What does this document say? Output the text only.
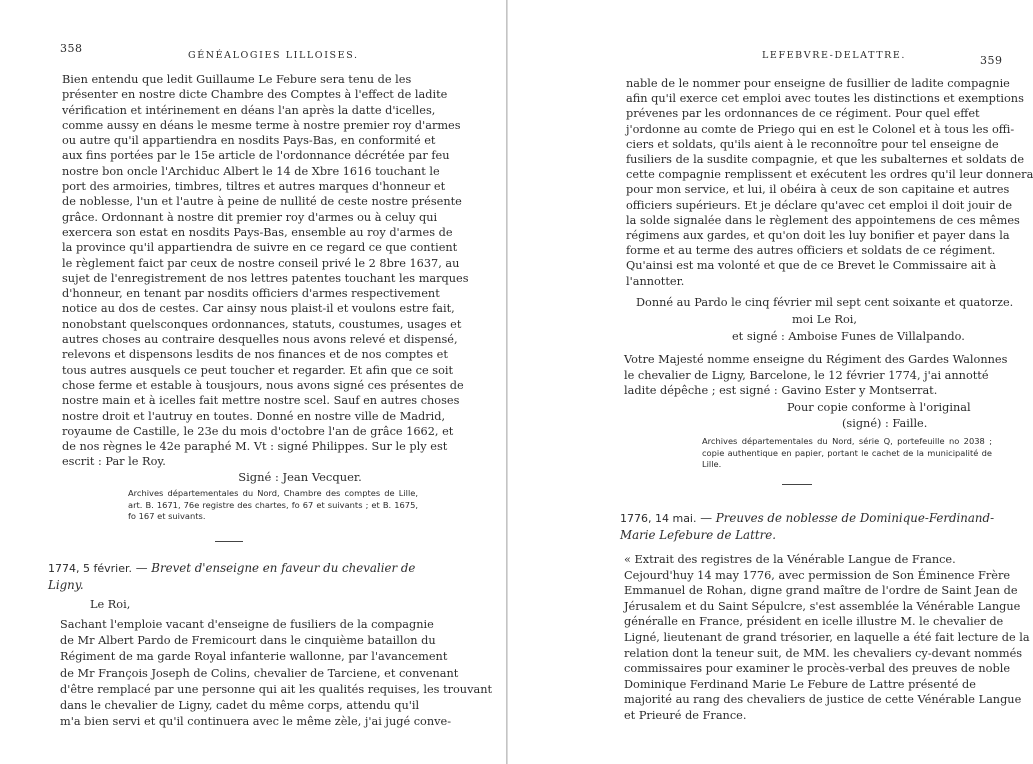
358
GÉNÉALOGIES LILLOISES.
Bien entendu que ledit Guillaume Le Febure sera tenu de les
présenter en nostre dicte Chambre des Comptes à l'effect de ladite
vérification et intérinement en déans l'an après la datte d'icelles,
comme aussy en déans le mesme terme à nostre premier roy d'armes
ou autre qu'il appartiendra en nosdits Pays-Bas, en conformité et
aux fins portées par le 15e article de l'ordonnance décrétée par feu
nostre bon oncle l'Archiduc Albert le 14 de Xbre 1616 touchant le
port des armoiries, timbres, tiltres et autres marques d'honneur et
de noblesse, l'un et l'autre à peine de nullité de ceste nostre présente
grâce. Ordonnant à nostre dit premier roy d'armes ou à celuy qui
exercera son estat en nosdits Pays-Bas, ensemble au roy d'armes de
la province qu'il appartiendra de suivre en ce regard ce que contient
le règlement faict par ceux de nostre conseil privé le 2 8bre 1637, au
sujet de l'enregistrement de nos lettres patentes touchant les marques
d'honneur, en tenant par nosdits officiers d'armes respectivement
notice au dos de cestes. Car ainsy nous plaist-il et voulons estre fait,
nonobstant quelsconques ordonnances, statuts, coustumes, usages et
autres choses au contraire desquelles nous avons relevé et dispensé,
relevons et dispensons lesdits de nos finances et de nos comptes et
tous autres ausquels ce peut toucher et regarder. Et afin que ce soit
chose ferme et estable à tousjours, nous avons signé ces présentes de
nostre main et à icelles fait mettre nostre scel. Sauf en autres choses
nostre droit et l'autruy en toutes. Donné en nostre ville de Madrid,
royaume de Castille, le 23e du mois d'octobre l'an de grâce 1662, et
de nos règnes le 42e paraphé M. Vt : signé Philippes. Sur le ply est
escrit : Par le Roy.
Signé : Jean Vecquer.
Archives départementales du Nord, Chambre des comptes de Lille, art. B. 1671, 76e registre des chartes, fo 67 et suivants ; et B. 1675, fo 167 et suivants.
1774, 5 février. — Brevet d'enseigne en faveur du chevalier de Ligny.
Le Roi,
Sachant l'emploie vacant d'enseigne de fusiliers de la compagnie
de Mr Albert Pardo de Fremicourt dans le cinquième bataillon du
Régiment de ma garde Royal infanterie wallonne, par l'avancement
de Mr François Joseph de Colins, chevalier de Tarciene, et convenant
d'être remplacé par une personne qui ait les qualités requises, les trouvant
dans le chevalier de Ligny, cadet du même corps, attendu qu'il
m'a bien servi et qu'il continuera avec le même zèle, j'ai jugé conve-
LEFEBVRE-DELATTRE.	359
nable de le nommer pour enseigne de fusillier de ladite compagnie
afin qu'il exerce cet emploi avec toutes les distinctions et exemptions
prévenes par les ordonnances de ce régiment. Pour quel effet
j'ordonne au comte de Priego qui en est le Colonel et à tous les offi-
ciers et soldats, qu'ils aient à le reconnoître pour tel enseigne de
fusiliers de la susdite compagnie, et que les subalternes et soldats de
cette compagnie remplissent et exécutent les ordres qu'il leur donnera
pour mon service, et lui, il obéira à ceux de son capitaine et autres
officiers supérieurs. Et je déclare qu'avec cet emploi il doit jouir de
la solde signalée dans le règlement des appointemens de ces mêmes
régimens aux gardes, et qu'on doit les luy bonifier et payer dans la
forme et au terme des autres officiers et soldats de ce régiment.
Qu'ainsi est ma volonté et que de ce Brevet le Commissaire ait à
l'annotter.
Donné au Pardo le cinq février mil sept cent soixante et quatorze.
moi Le Roi,
et signé : Amboise Funes de Villalpando.
Votre Majesté nomme enseigne du Régiment des Gardes Walonnes
le chevalier de Ligny, Barcelone, le 12 février 1774, j'ai annotté
ladite dépêche ; est signé : Gavino Ester y Montserrat.
Pour copie conforme à l'original
(signé) : Faille.
Archives départementales du Nord, série Q, portefeuille no 2038 ; copie authentique en papier, portant le cachet de la municipalité de Lille.
1776, 14 mai. — Preuves de noblesse de Dominique-Ferdinand-Marie Lefebure de Lattre.
« Extrait des registres de la Vénérable Langue de France.
Cejourd'huy 14 may 1776, avec permission de Son Éminence Frère
Emmanuel de Rohan, digne grand maître de l'ordre de Saint Jean de
Jérusalem et du Saint Sépulcre, s'est assemblée la Vénérable Langue
généralle en France, président en icelle illustre M. le chevalier de
Ligné, lieutenant de grand trésorier, en laquelle a été fait lecture de la
relation dont la teneur suit, de MM. les chevaliers cy-devant nommés
commissaires pour examiner le procès-verbal des preuves de noble
Dominique Ferdinand Marie Le Febure de Lattre présenté de
majorité au rang des chevaliers de justice de cette Vénérable Langue
et Prieuré de France.
